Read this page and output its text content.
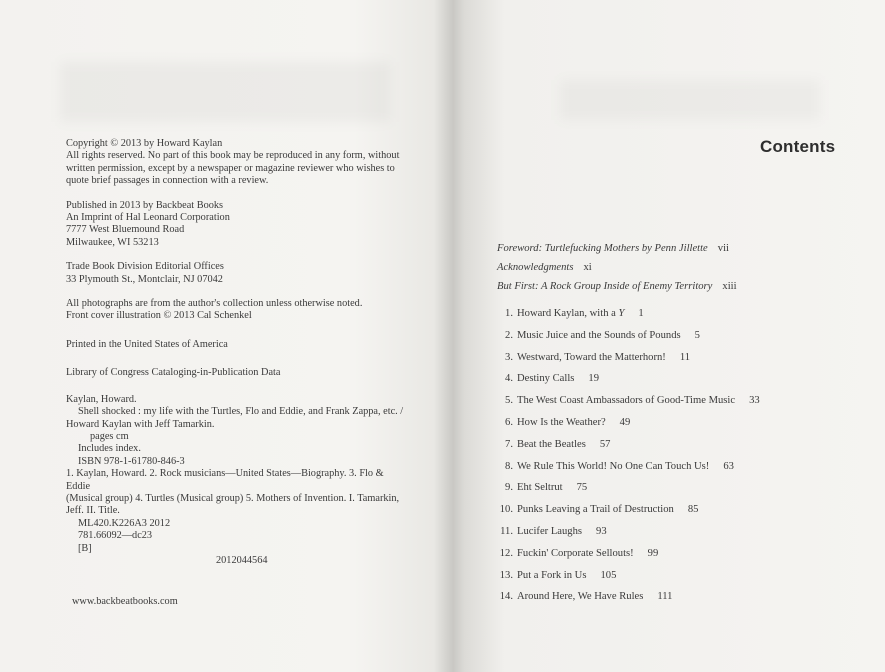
Copyright © 2013 by Howard Kaylan

All rights reserved. No part of this book may be reproduced in any form, without

written permission, except by a newspaper or magazine reviewer who wishes to

quote brief passages in connection with a review.

Published in 2013 by Backbeat Books

An Imprint of Hal Leonard Corporation

7777 West Bluemound Road

Milwaukee, WI 53213

Trade Book Division Editorial Offices

33 Plymouth St., Montclair, NJ 07042

All photographs are from the author's collection unless otherwise noted.

Front cover illustration © 2013 Cal Schenkel

Printed in the United States of America

Library of Congress Cataloging-in-Publication Data

Kaylan, Howard.

Shell shocked : my life with the Turtles, Flo and Eddie, and Frank Zappa, etc. /

Howard Kaylan with Jeff Tamarkin.

pages cm

Includes index.

ISBN 978-1-61780-846-3

1. Kaylan, Howard. 2. Rock musicians—United States—Biography. 3. Flo & Eddie

(Musical group) 4. Turtles (Musical group) 5. Mothers of Invention. I. Tamarkin,

Jeff. II. Title.

ML420.K226A3 2012

781.66092—dc23

[B]

2012044564

www.backbeatbooks.com
Contents
Foreword: Turtlefucking Mothers by Penn Jillette vii
Acknowledgments xi
But First: A Rock Group Inside of Enemy Territory xiii
1. Howard Kaylan, with a Y 1
2. Music Juice and the Sounds of Pounds 5
3. Westward, Toward the Matterhorn! 11
4. Destiny Calls 19
5. The West Coast Ambassadors of Good-Time Music 33
6. How Is the Weather? 49
7. Beat the Beatles 57
8. We Rule This World! No One Can Touch Us! 63
9. Eht Seltrut 75
10. Punks Leaving a Trail of Destruction 85
11. Lucifer Laughs 93
12. Fuckin' Corporate Sellouts! 99
13. Put a Fork in Us 105
14. Around Here, We Have Rules 111
